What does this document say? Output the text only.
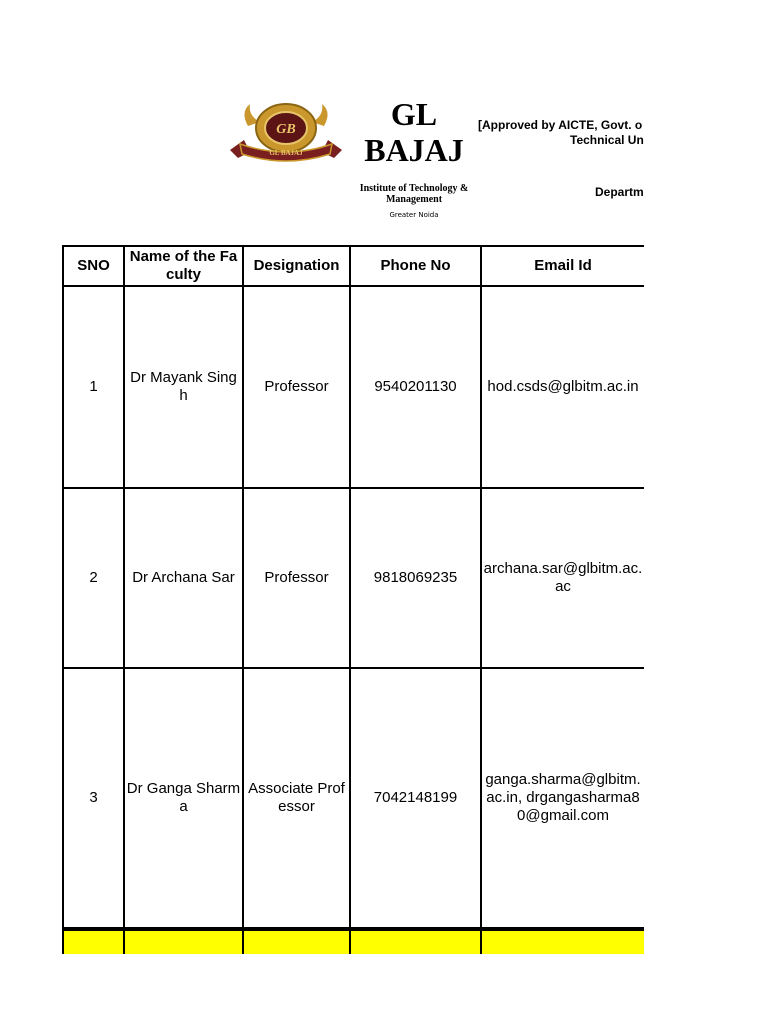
GB
GL BAJAJ
GL
BAJAJ
Institute of Technology & Management
Greater Noida
[Approved by AICTE, Govt. o
Technical Un
Departm
SNO	Name of the Faculty	Designation	Phone No	Email Id
1	Dr Mayank Singh	Professor	9540201130	hod.csds@glbitm.ac.in
2	Dr Archana Sar	Professor	9818069235	archana.sar@glbitm.ac.ac
3	Dr Ganga Sharma	Associate Professor	7042148199	ganga.sharma@glbitm.ac.in, drgangasharma80@gmail.com
